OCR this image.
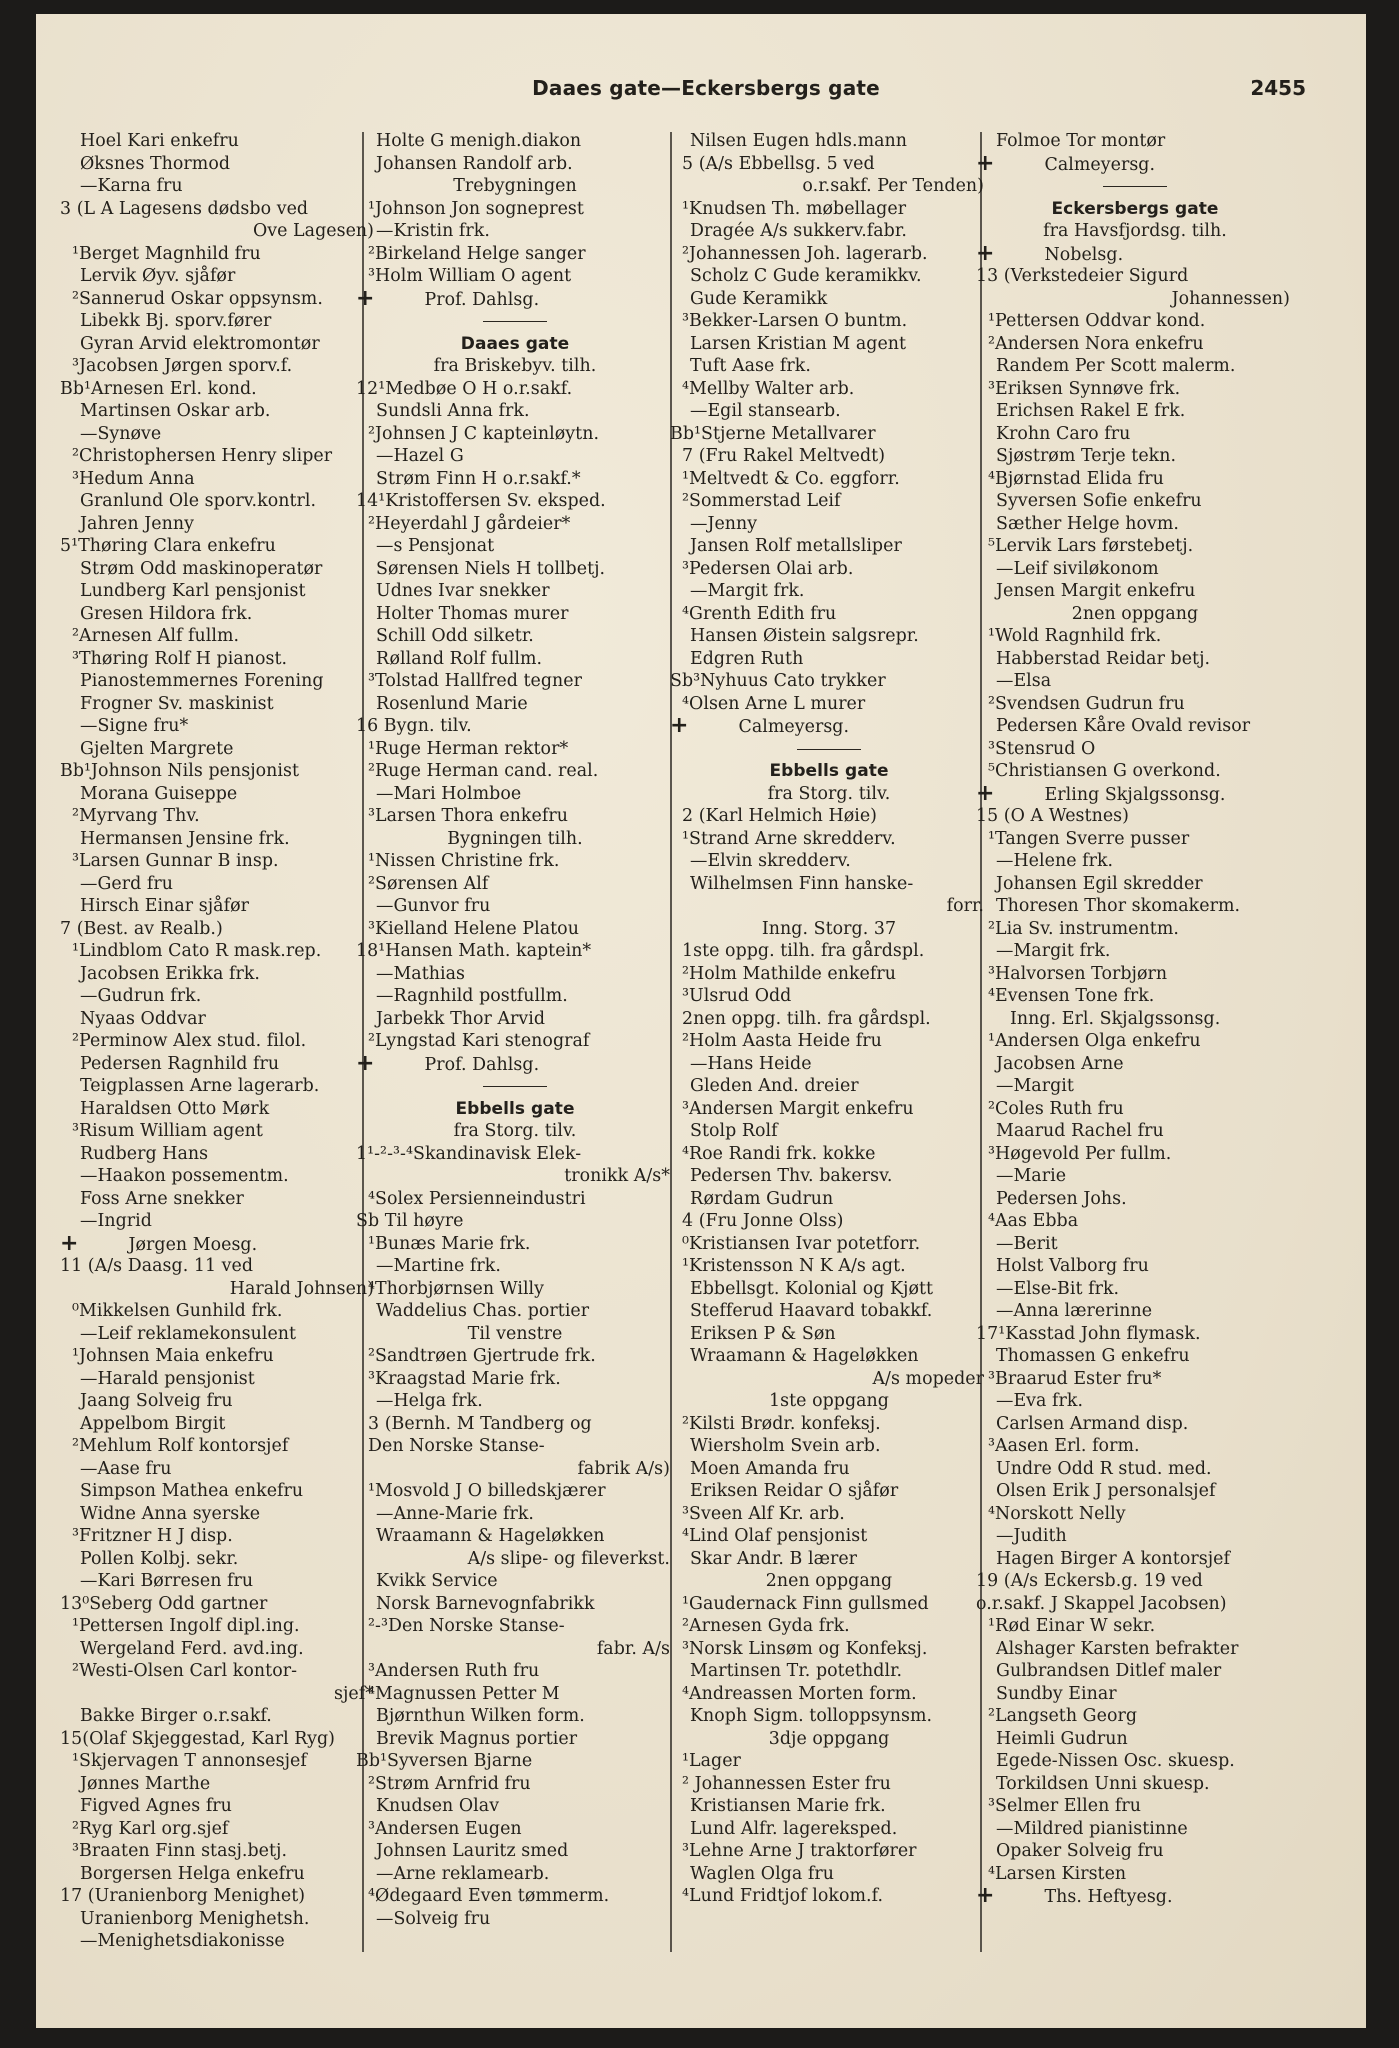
Daaes gate—Eckersbergs gate	2455
Hoel Kari enkefru
Øksnes Thormod
—Karna fru
3 (L A Lagesens dødsbo ved
Ove Lagesen)
¹Berget Magnhild fru
Lervik Øyv. sjåfør
²Sannerud Oskar oppsynsm.
Libekk Bj. sporv.fører
Gyran Arvid elektromontør
³Jacobsen Jørgen sporv.f.
Bb¹Arnesen Erl. kond.
Martinsen Oskar arb.
—Synøve
²Christophersen Henry sliper
³Hedum Anna
Granlund Ole sporv.kontrl.
Jahren Jenny
5¹Thøring Clara enkefru
Strøm Odd maskinoperatør
Lundberg Karl pensjonist
Gresen Hildora frk.
²Arnesen Alf fullm.
³Thøring Rolf H pianost.
Pianostemmernes Forening
Frogner Sv. maskinist
—Signe fru*
Gjelten Margrete
Bb¹Johnson Nils pensjonist
Morana Guiseppe
²Myrvang Thv.
Hermansen Jensine frk.
³Larsen Gunnar B insp.
—Gerd fru
Hirsch Einar sjåfør
7 (Best. av Realb.)
¹Lindblom Cato R mask.rep.
Jacobsen Erikka frk.
—Gudrun frk.
Nyaas Oddvar
²Perminow Alex stud. filol.
Pedersen Ragnhild fru
Teigplassen Arne lagerarb.
Haraldsen Otto Mørk
³Risum William agent
Rudberg Hans
—Haakon possementm.
Foss Arne snekker
—Ingrid
+	Jørgen Moesg.
11 (A/s Daasg. 11 ved
Harald Johnsen)
⁰Mikkelsen Gunhild frk.
—Leif reklamekonsulent
¹Johnsen Maia enkefru
—Harald pensjonist
Jaang Solveig fru
Appelbom Birgit
²Mehlum Rolf kontorsjef
—Aase fru
Simpson Mathea enkefru
Widne Anna syerske
³Fritzner H J disp.
Pollen Kolbj. sekr.
—Kari Børresen fru
13⁰Seberg Odd gartner
¹Pettersen Ingolf dipl.ing.
Wergeland Ferd. avd.ing.
²Westi-Olsen Carl kontor-
sjef*
Bakke Birger o.r.sakf.
15(Olaf Skjeggestad, Karl Ryg)
¹Skjervagen T annonsesjef
Jønnes Marthe
Figved Agnes fru
²Ryg Karl org.sjef
³Braaten Finn stasj.betj.
Borgersen Helga enkefru
17 (Uranienborg Menighet)
Uranienborg Menighetsh.
—Menighetsdiakonisse
Holte G menigh.diakon
Johansen Randolf arb.
Trebygningen
¹Johnson Jon sogneprest
—Kristin frk.
²Birkeland Helge sanger
³Holm William O agent
+	Prof. Dahlsg.
Daaes gate
fra Briskebyv. tilh.
12¹Medbøe O H o.r.sakf.
Sundsli Anna frk.
²Johnsen J C kapteinløytn.
—Hazel G
Strøm Finn H o.r.sakf.*
14¹Kristoffersen Sv. eksped.
²Heyerdahl J gårdeier*
—s Pensjonat
Sørensen Niels H tollbetj.
Udnes Ivar snekker
Holter Thomas murer
Schill Odd silketr.
Rølland Rolf fullm.
³Tolstad Hallfred tegner
Rosenlund Marie
16 Bygn. tilv.
¹Ruge Herman rektor*
²Ruge Herman cand. real.
—Mari Holmboe
³Larsen Thora enkefru
Bygningen tilh.
¹Nissen Christine frk.
²Sørensen Alf
—Gunvor fru
³Kielland Helene Platou
18¹Hansen Math. kaptein*
—Mathias
—Ragnhild postfullm.
Jarbekk Thor Arvid
²Lyngstad Kari stenograf
+	Prof. Dahlsg.
Ebbells gate
fra Storg. tilv.
1¹-²-³-⁴Skandinavisk Elek-
tronikk A/s*
⁴Solex Persienneindustri
Sb Til høyre
¹Bunæs Marie frk.
—Martine frk.
⁴Thorbjørnsen Willy
Waddelius Chas. portier
Til venstre
²Sandtrøen Gjertrude frk.
³Kraagstad Marie frk.
—Helga frk.
3 (Bernh. M Tandberg og
Den Norske Stanse-
fabrik A/s)
¹Mosvold J O billedskjærer
—Anne-Marie frk.
Wraamann & Hageløkken
A/s slipe- og fileverkst.
Kvikk Service
Norsk Barnevognfabrikk
²-³Den Norske Stanse-
fabr. A/s
³Andersen Ruth fru
⁴Magnussen Petter M
Bjørnthun Wilken form.
Brevik Magnus portier
Bb¹Syversen Bjarne
²Strøm Arnfrid fru
Knudsen Olav
³Andersen Eugen
Johnsen Lauritz smed
—Arne reklamearb.
⁴Ødegaard Even tømmerm.
—Solveig fru
Nilsen Eugen hdls.mann
5 (A/s Ebbellsg. 5 ved
o.r.sakf. Per Tenden)
¹Knudsen Th. møbellager
Dragée A/s sukkerv.fabr.
²Johannessen Joh. lagerarb.
Scholz C Gude keramikkv.
Gude Keramikk
³Bekker-Larsen O buntm.
Larsen Kristian M agent
Tuft Aase frk.
⁴Mellby Walter arb.
—Egil stansearb.
Bb¹Stjerne Metallvarer
7 (Fru Rakel Meltvedt)
¹Meltvedt & Co. eggforr.
²Sommerstad Leif
—Jenny
Jansen Rolf metallsliper
³Pedersen Olai arb.
—Margit frk.
⁴Grenth Edith fru
Hansen Øistein salgsrepr.
Edgren Ruth
Sb³Nyhuus Cato trykker
⁴Olsen Arne L murer
+	Calmeyersg.
Ebbells gate
fra Storg. tilv.
2 (Karl Helmich Høie)
¹Strand Arne skredderv.
—Elvin skredderv.
Wilhelmsen Finn hanske-
forr.
Inng. Storg. 37
1ste oppg. tilh. fra gårdspl.
²Holm Mathilde enkefru
³Ulsrud Odd
2nen oppg. tilh. fra gårdspl.
²Holm Aasta Heide fru
—Hans Heide
Gleden And. dreier
³Andersen Margit enkefru
Stolp Rolf
⁴Roe Randi frk. kokke
Pedersen Thv. bakersv.
Rørdam Gudrun
4 (Fru Jonne Olss)
⁰Kristiansen Ivar potetforr.
¹Kristensson N K A/s agt.
Ebbellsgt. Kolonial og Kjøtt
Stefferud Haavard tobakkf.
Eriksen P & Søn
Wraamann & Hageløkken
A/s mopeder
1ste oppgang
²Kilsti Brødr. konfeksj.
Wiersholm Svein arb.
Moen Amanda fru
Eriksen Reidar O sjåfør
³Sveen Alf Kr. arb.
⁴Lind Olaf pensjonist
Skar Andr. B lærer
2nen oppgang
¹Gaudernack Finn gullsmed
²Arnesen Gyda frk.
³Norsk Linsøm og Konfeksj.
Martinsen Tr. potethdlr.
⁴Andreassen Morten form.
Knoph Sigm. tolloppsynsm.
3dje oppgang
¹Lager
² Johannessen Ester fru
Kristiansen Marie frk.
Lund Alfr. lagereksped.
³Lehne Arne J traktorfører
Waglen Olga fru
⁴Lund Fridtjof lokom.f.
Folmoe Tor montør
+	Calmeyersg.
Eckersbergs gate
fra Havsfjordsg. tilh.
+	Nobelsg.
13 (Verkstedeier Sigurd
Johannessen)
¹Pettersen Oddvar kond.
²Andersen Nora enkefru
Randem Per Scott malerm.
³Eriksen Synnøve frk.
Erichsen Rakel E frk.
Krohn Caro fru
Sjøstrøm Terje tekn.
⁴Bjørnstad Elida fru
Syversen Sofie enkefru
Sæther Helge hovm.
⁵Lervik Lars førstebetj.
—Leif siviløkonom
Jensen Margit enkefru
2nen oppgang
¹Wold Ragnhild frk.
Habberstad Reidar betj.
—Elsa
²Svendsen Gudrun fru
Pedersen Kåre Ovald revisor
³Stensrud O
⁵Christiansen G overkond.
+	Erling Skjalgssonsg.
15 (O A Westnes)
¹Tangen Sverre pusser
—Helene frk.
Johansen Egil skredder
Thoresen Thor skomakerm.
²Lia Sv. instrumentm.
—Margit frk.
³Halvorsen Torbjørn
⁴Evensen Tone frk.
Inng. Erl. Skjalgssonsg.
¹Andersen Olga enkefru
Jacobsen Arne
—Margit
²Coles Ruth fru
Maarud Rachel fru
³Høgevold Per fullm.
—Marie
Pedersen Johs.
⁴Aas Ebba
—Berit
Holst Valborg fru
—Else-Bit frk.
—Anna lærerinne
17¹Kasstad John flymask.
Thomassen G enkefru
³Braarud Ester fru*
—Eva frk.
Carlsen Armand disp.
³Aasen Erl. form.
Undre Odd R stud. med.
Olsen Erik J personalsjef
⁴Norskott Nelly
—Judith
Hagen Birger A kontorsjef
19 (A/s Eckersb.g. 19 ved
o.r.sakf. J Skappel Jacobsen)
¹Rød Einar W sekr.
Alshager Karsten befrakter
Gulbrandsen Ditlef maler
Sundby Einar
²Langseth Georg
Heimli Gudrun
Egede-Nissen Osc. skuesp.
Torkildsen Unni skuesp.
³Selmer Ellen fru
—Mildred pianistinne
Opaker Solveig fru
⁴Larsen Kirsten
+	Ths. Heftyesg.
